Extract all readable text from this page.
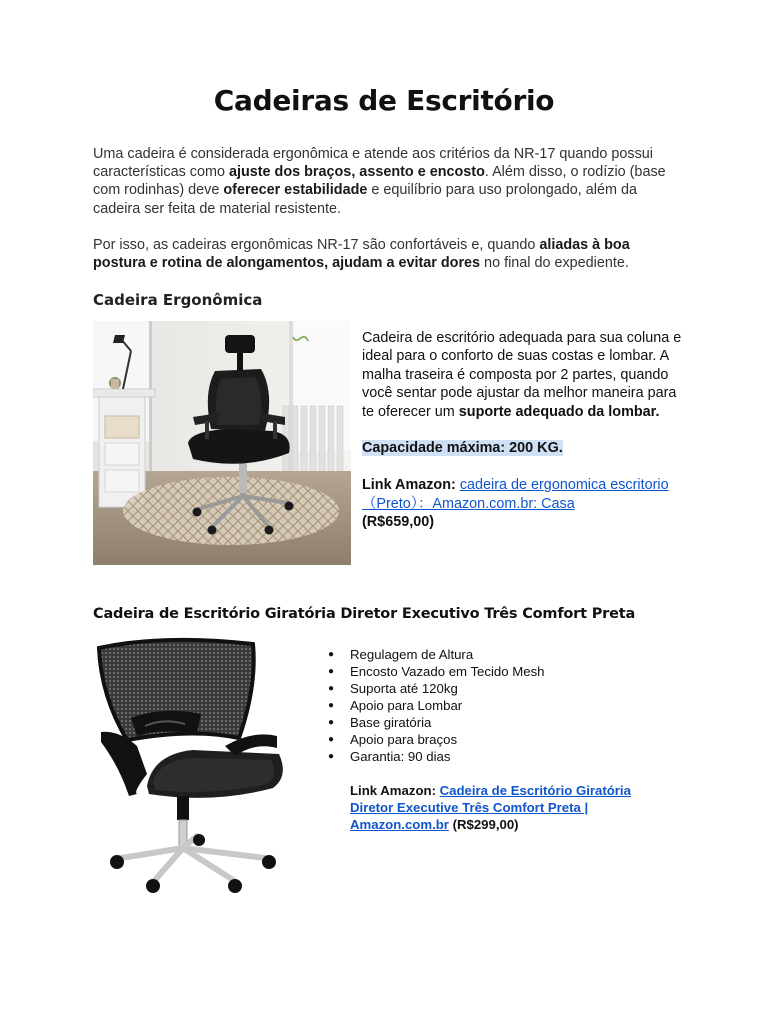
Cadeiras de Escritório
Uma cadeira é considerada ergonômica e atende aos critérios da NR-17 quando possui características como ajuste dos braços, assento e encosto. Além disso, o rodízio (base com rodinhas) deve oferecer estabilidade e equilíbrio para uso prolongado, além da cadeira ser feita de material resistente.
Por isso, as cadeiras ergonômicas NR-17 são confortáveis e, quando aliadas à boa postura e rotina de alongamentos, ajudam a evitar dores no final do expediente.
Cadeira Ergonômica

Cadeira de escritório adequada para sua coluna e ideal para o conforto de suas costas e lombar. A malha traseira é composta por 2 partes, quando você sentar pode ajustar da melhor maneira para te oferecer um suporte adequado da lombar.

Capacidade máxima: 200 KG.

Link Amazon: cadeira de ergonomica escritorio（Preto）：Amazon.com.br: Casa
(R$659,00)

Cadeira de Escritório Giratória Diretor Executivo Três Comfort Preta
● Regulagem de Altura
● Encosto Vazado em Tecido Mesh
● Suporta até 120kg
● Apoio para Lombar
● Base giratória
● Apoio para braços
● Garantia: 90 dias
Link Amazon: Cadeira de Escritório Giratória Diretor Executive Três Comfort Preta | Amazon.com.br (R$299,00)
